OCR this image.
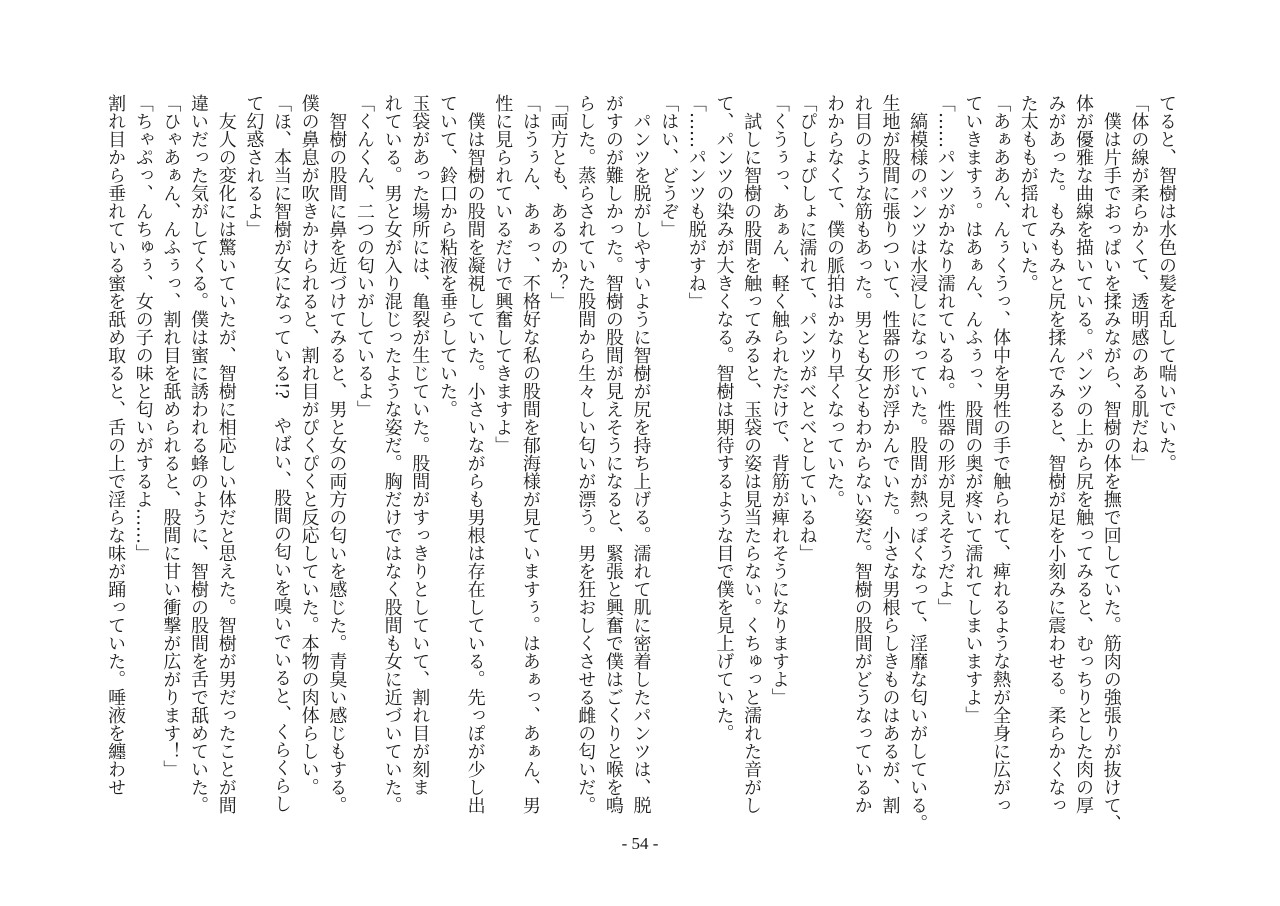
てると、智樹は水色の髪を乱して喘いでいた。

「体の線が柔らかくて、透明感のある肌だね」

　僕は片手でおっぱいを揉みながら、智樹の体を撫で回していた。筋肉の強張りが抜けて、

体が優雅な曲線を描いている。パンツの上から尻を触ってみると、むっちりとした肉の厚

みがあった。もみもみと尻を揉んでみると、智樹が足を小刻みに震わせる。柔らかくなっ

た太ももが揺れていた。

「あぁああん、んぅくうっ、体中を男性の手で触られて、痺れるような熱が全身に広がっ

ていきますぅ。はあぁん、んふぅっ、股間の奥が疼いて濡れてしまいますよ」

「……パンツがかなり濡れているね。性器の形が見えそうだよ」

　縞模様のパンツは水浸しになっていた。股間が熱っぽくなって、淫靡な匂いがしている。

生地が股間に張りついて、性器の形が浮かんでいた。小さな男根らしきものはあるが、割

れ目のような筋もあった。男とも女ともわからない姿だ。智樹の股間がどうなっているか

わからなくて、僕の脈拍はかなり早くなっていた。

「ぴしょぴしょに濡れて、パンツがべとべとしているね」

「くうぅっ、あぁん、軽く触られただけで、背筋が痺れそうになりますよ」

　試しに智樹の股間を触ってみると、玉袋の姿は見当たらない。くちゅっと濡れた音がし

て、パンツの染みが大きくなる。智樹は期待するような目で僕を見上げていた。

「……パンツも脱がすね」

「はい、どうぞ」

　パンツを脱がしやすいように智樹が尻を持ち上げる。濡れて肌に密着したパンツは、脱

がすのが難しかった。智樹の股間が見えそうになると、緊張と興奮で僕はごくりと喉を鳴

らした。蒸らされていた股間から生々しい匂いが漂う。男を狂おしくさせる雌の匂いだ。

「両方とも、あるのか？」

「はうぅん、あぁっ、不格好な私の股間を郁海様が見ていますぅ。はあぁっ、あぁん、男

性に見られているだけで興奮してきますよ」

　僕は智樹の股間を凝視していた。小さいながらも男根は存在している。先っぽが少し出

ていて、鈴口から粘液を垂らしていた。

玉袋があった場所には、亀裂が生じていた。股間がすっきりとしていて、割れ目が刻ま

れている。男と女が入り混じったような姿だ。胸だけではなく股間も女に近づいていた。

「くんくん、二つの匂いがしているよ」

　智樹の股間に鼻を近づけてみると、男と女の両方の匂いを感じた。青臭い感じもする。

僕の鼻息が吹きかけられると、割れ目がぴくぴくと反応していた。本物の肉体らしい。

「ほ、本当に智樹が女になっている!?　やばい、股間の匂いを嗅いでいると、くらくらし

て幻惑されるよ」

　友人の変化には驚いていたが、智樹に相応しい体だと思えた。智樹が男だったことが間

違いだった気がしてくる。僕は蜜に誘われる蜂のように、智樹の股間を舌で舐めていた。

「ひゃあぁん、んふぅっ、割れ目を舐められると、股間に甘い衝撃が広がります！」

「ちゃぷっ、んちゅぅ、女の子の味と匂いがするよ……」

割れ目から垂れている蜜を舐め取ると、舌の上で淫らな味が踊っていた。唾液を纏わせ

- 54 -
